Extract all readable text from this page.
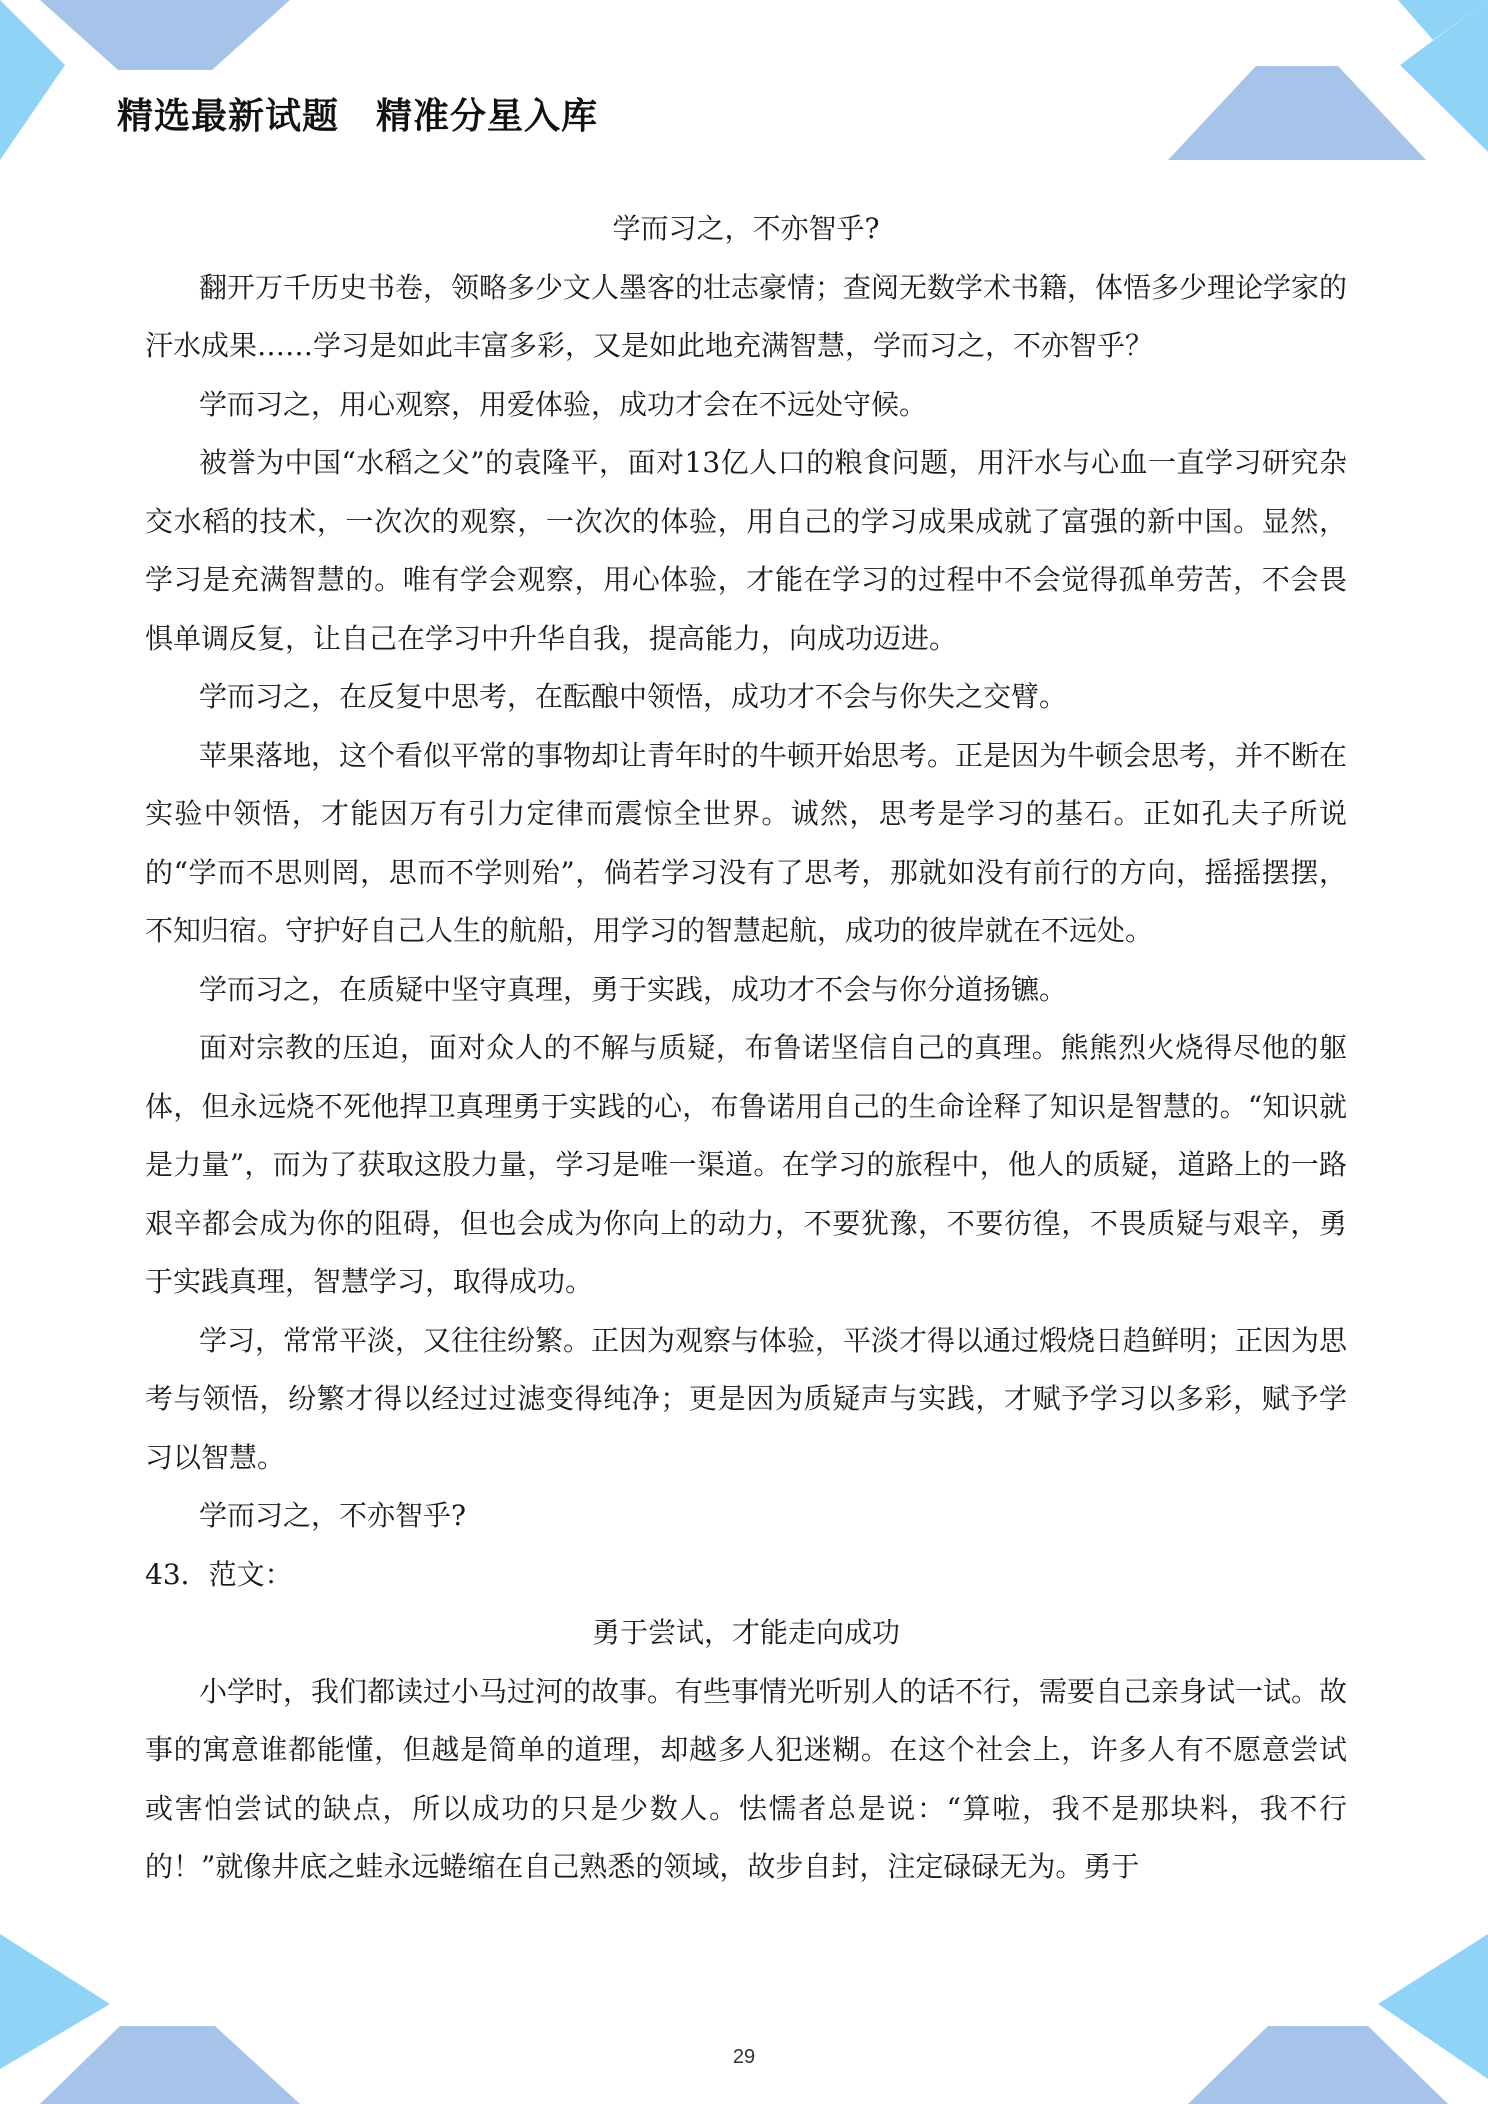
精选最新试题　精准分星入库

学而习之，不亦智乎?

翻开万千历史书卷，领略多少文人墨客的壮志豪情；查阅无数学术书籍，体悟多少理论学家的汗水成果……学习是如此丰富多彩，又是如此地充满智慧，学而习之，不亦智乎？

学而习之，用心观察，用爱体验，成功才会在不远处守候。

被誉为中国“水稻之父”的袁隆平，面对13亿人口的粮食问题，用汗水与心血一直学习研究杂交水稻的技术，一次次的观察，一次次的体验，用自己的学习成果成就了富强的新中国。显然，学习是充满智慧的。唯有学会观察，用心体验，才能在学习的过程中不会觉得孤单劳苦，不会畏惧单调反复，让自己在学习中升华自我，提高能力，向成功迈进。

学而习之，在反复中思考，在酝酿中领悟，成功才不会与你失之交臂。

苹果落地，这个看似平常的事物却让青年时的牛顿开始思考。正是因为牛顿会思考，并不断在实验中领悟，才能因万有引力定律而震惊全世界。诚然，思考是学习的基石。正如孔夫子所说的“学而不思则罔，思而不学则殆”，倘若学习没有了思考，那就如没有前行的方向，摇摇摆摆，不知归宿。守护好自己人生的航船，用学习的智慧起航，成功的彼岸就在不远处。

学而习之，在质疑中坚守真理，勇于实践，成功才不会与你分道扬镳。

面对宗教的压迫，面对众人的不解与质疑，布鲁诺坚信自己的真理。熊熊烈火烧得尽他的躯体，但永远烧不死他捍卫真理勇于实践的心，布鲁诺用自己的生命诠释了知识是智慧的。“知识就是力量”，而为了获取这股力量，学习是唯一渠道。在学习的旅程中，他人的质疑，道路上的一路艰辛都会成为你的阻碍，但也会成为你向上的动力，不要犹豫，不要彷徨，不畏质疑与艰辛，勇于实践真理，智慧学习，取得成功。

学习，常常平淡，又往往纷繁。正因为观察与体验，平淡才得以通过煅烧日趋鲜明；正因为思考与领悟，纷繁才得以经过过滤变得纯净；更是因为质疑声与实践，才赋予学习以多彩，赋予学习以智慧。

学而习之，不亦智乎?

43．范文：

勇于尝试，才能走向成功

小学时，我们都读过小马过河的故事。有些事情光听别人的话不行，需要自己亲身试一试。故事的寓意谁都能懂，但越是简单的道理，却越多人犯迷糊。在这个社会上，许多人有不愿意尝试或害怕尝试的缺点，所以成功的只是少数人。怯懦者总是说：“算啦，我不是那块料，我不行的！”就像井底之蛙永远蜷缩在自己熟悉的领域，故步自封，注定碌碌无为。勇于

29
